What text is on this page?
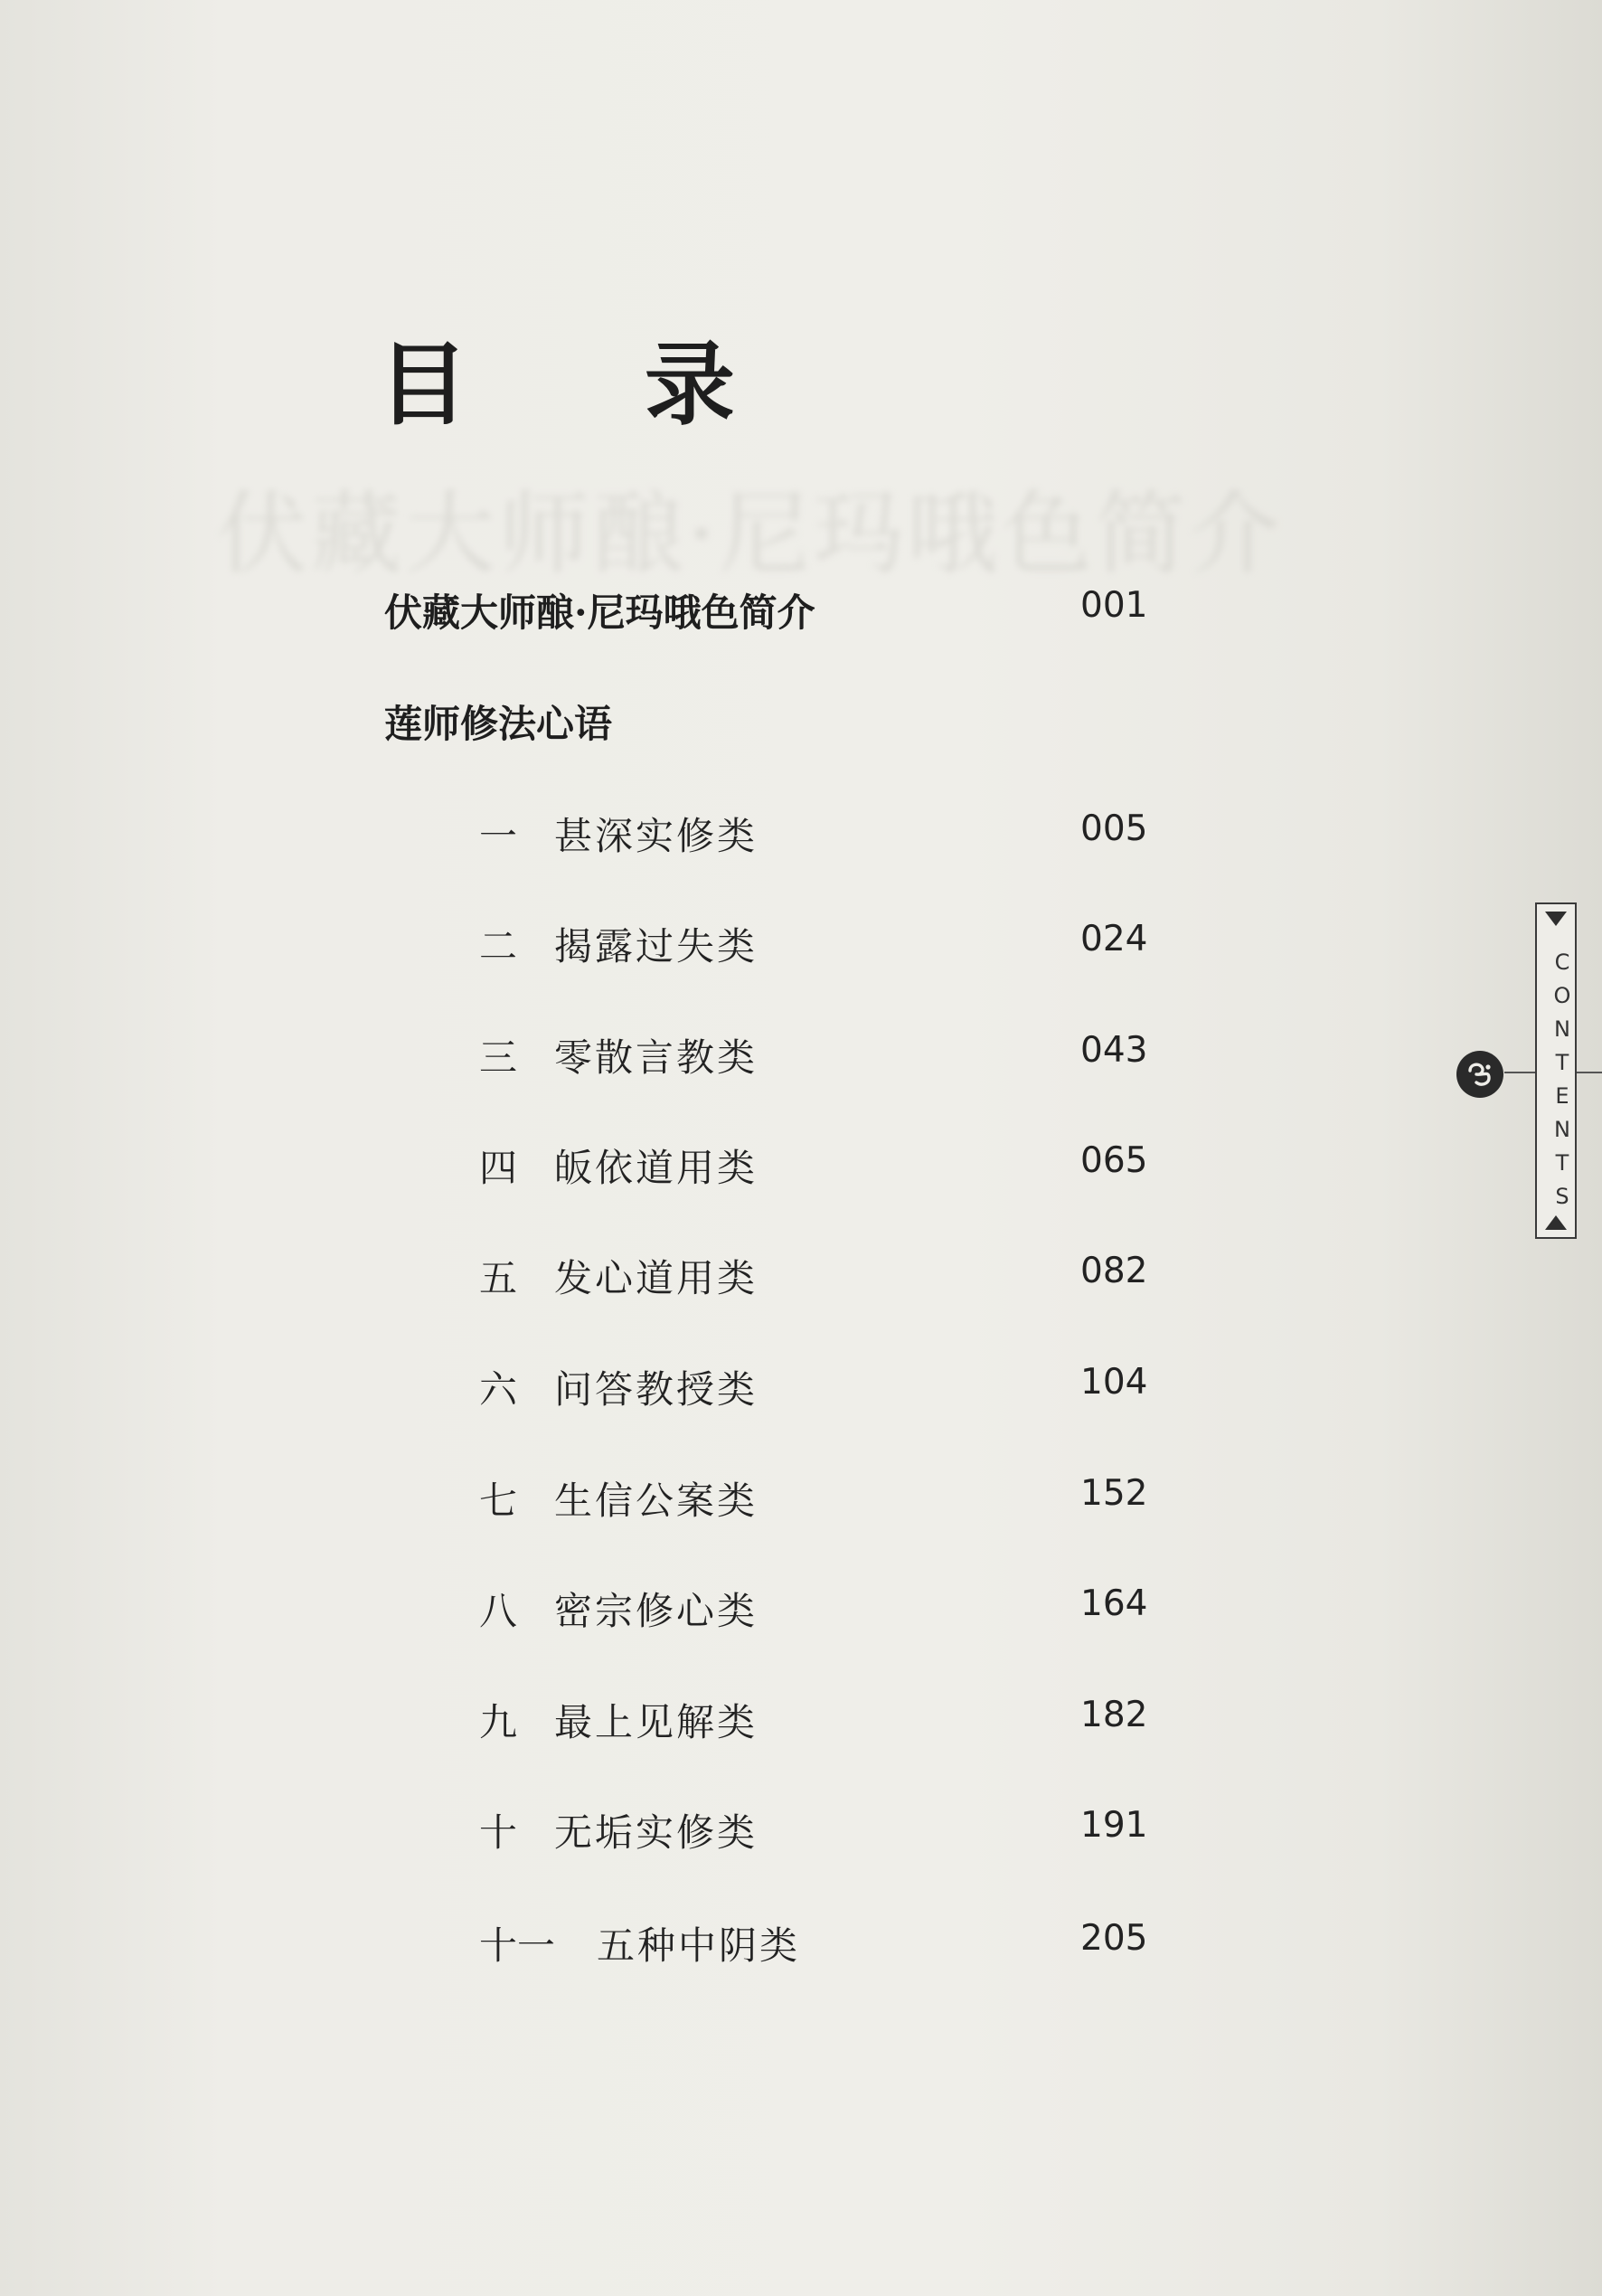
伏藏大师酿·尼玛哦色简介
目 录
伏藏大师酿·尼玛哦色简介	001
莲师修法心语
一 甚深实修类	005
二 揭露过失类	024
三 零散言教类	043
四 皈依道用类	065
五 发心道用类	082
六 问答教授类	104
七 生信公案类	152
八 密宗修心类	164
九 最上见解类	182
十 无垢实修类	191
十一 五种中阴类	205
CONTENTS
